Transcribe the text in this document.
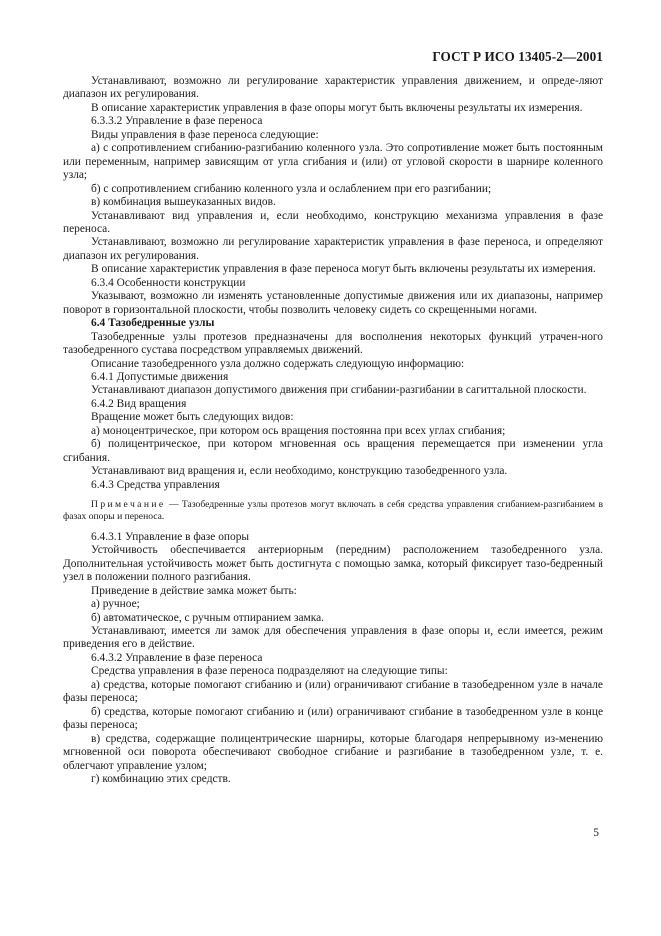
ГОСТ Р ИСО 13405-2—2001

Устанавливают, возможно ли регулирование характеристик управления движением, и опреде-ляют диапазон их регулирования.

В описание характеристик управления в фазе опоры могут быть включены результаты их измерения.

6.3.3.2 Управление в фазе переноса

Виды управления в фазе переноса следующие:

а) с сопротивлением сгибанию-разгибанию коленного узла. Это сопротивление может быть постоянным или переменным, например зависящим от угла сгибания и (или) от угловой скорости в шарнире коленного узла;

б) с сопротивлением сгибанию коленного узла и ослаблением при его разгибании;

в) комбинация вышеуказанных видов.

Устанавливают вид управления и, если необходимо, конструкцию механизма управления в фазе переноса.

Устанавливают, возможно ли регулирование характеристик управления в фазе переноса, и определяют диапазон их регулирования.

В описание характеристик управления в фазе переноса могут быть включены результаты их измерения.

6.3.4 Особенности конструкции

Указывают, возможно ли изменять установленные допустимые движения или их диапазоны, например поворот в горизонтальной плоскости, чтобы позволить человеку сидеть со скрещенными ногами.

6.4 Тазобедренные узлы

Тазобедренные узлы протезов предназначены для восполнения некоторых функций утрачен-ного тазобедренного сустава посредством управляемых движений.

Описание тазобедренного узла должно содержать следующую информацию:

6.4.1 Допустимые движения

Устанавливают диапазон допустимого движения при сгибании-разгибании в сагиттальной плоскости.

6.4.2 Вид вращения

Вращение может быть следующих видов:

а) моноцентрическое, при котором ось вращения постоянна при всех углах сгибания;

б) полицентрическое, при котором мгновенная ось вращения перемещается при изменении угла сгибания.

Устанавливают вид вращения и, если необходимо, конструкцию тазобедренного узла.

6.4.3 Средства управления

Примечание — Тазобедренные узлы протезов могут включать в себя средства управления сгибанием-разгибанием в фазах опоры и переноса.

6.4.3.1 Управление в фазе опоры

Устойчивость обеспечивается антериорным (передним) расположением тазобедренного узла. Дополнительная устойчивость может быть достигнута с помощью замка, который фиксирует тазо-бедренный узел в положении полного разгибания.

Приведение в действие замка может быть:

а) ручное;

б) автоматическое, с ручным отпиранием замка.

Устанавливают, имеется ли замок для обеспечения управления в фазе опоры и, если имеется, режим приведения его в действие.

6.4.3.2 Управление в фазе переноса

Средства управления в фазе переноса подразделяют на следующие типы:

а) средства, которые помогают сгибанию и (или) ограничивают сгибание в тазобедренном узле в начале фазы переноса;

б) средства, которые помогают сгибанию и (или) ограничивают сгибание в тазобедренном узле в конце фазы переноса;

в) средства, содержащие полицентрические шарниры, которые благодаря непрерывному из-менению мгновенной оси поворота обеспечивают свободное сгибание и разгибание в тазобедренном узле, т. е. облегчают управление узлом;

г) комбинацию этих средств.

5
